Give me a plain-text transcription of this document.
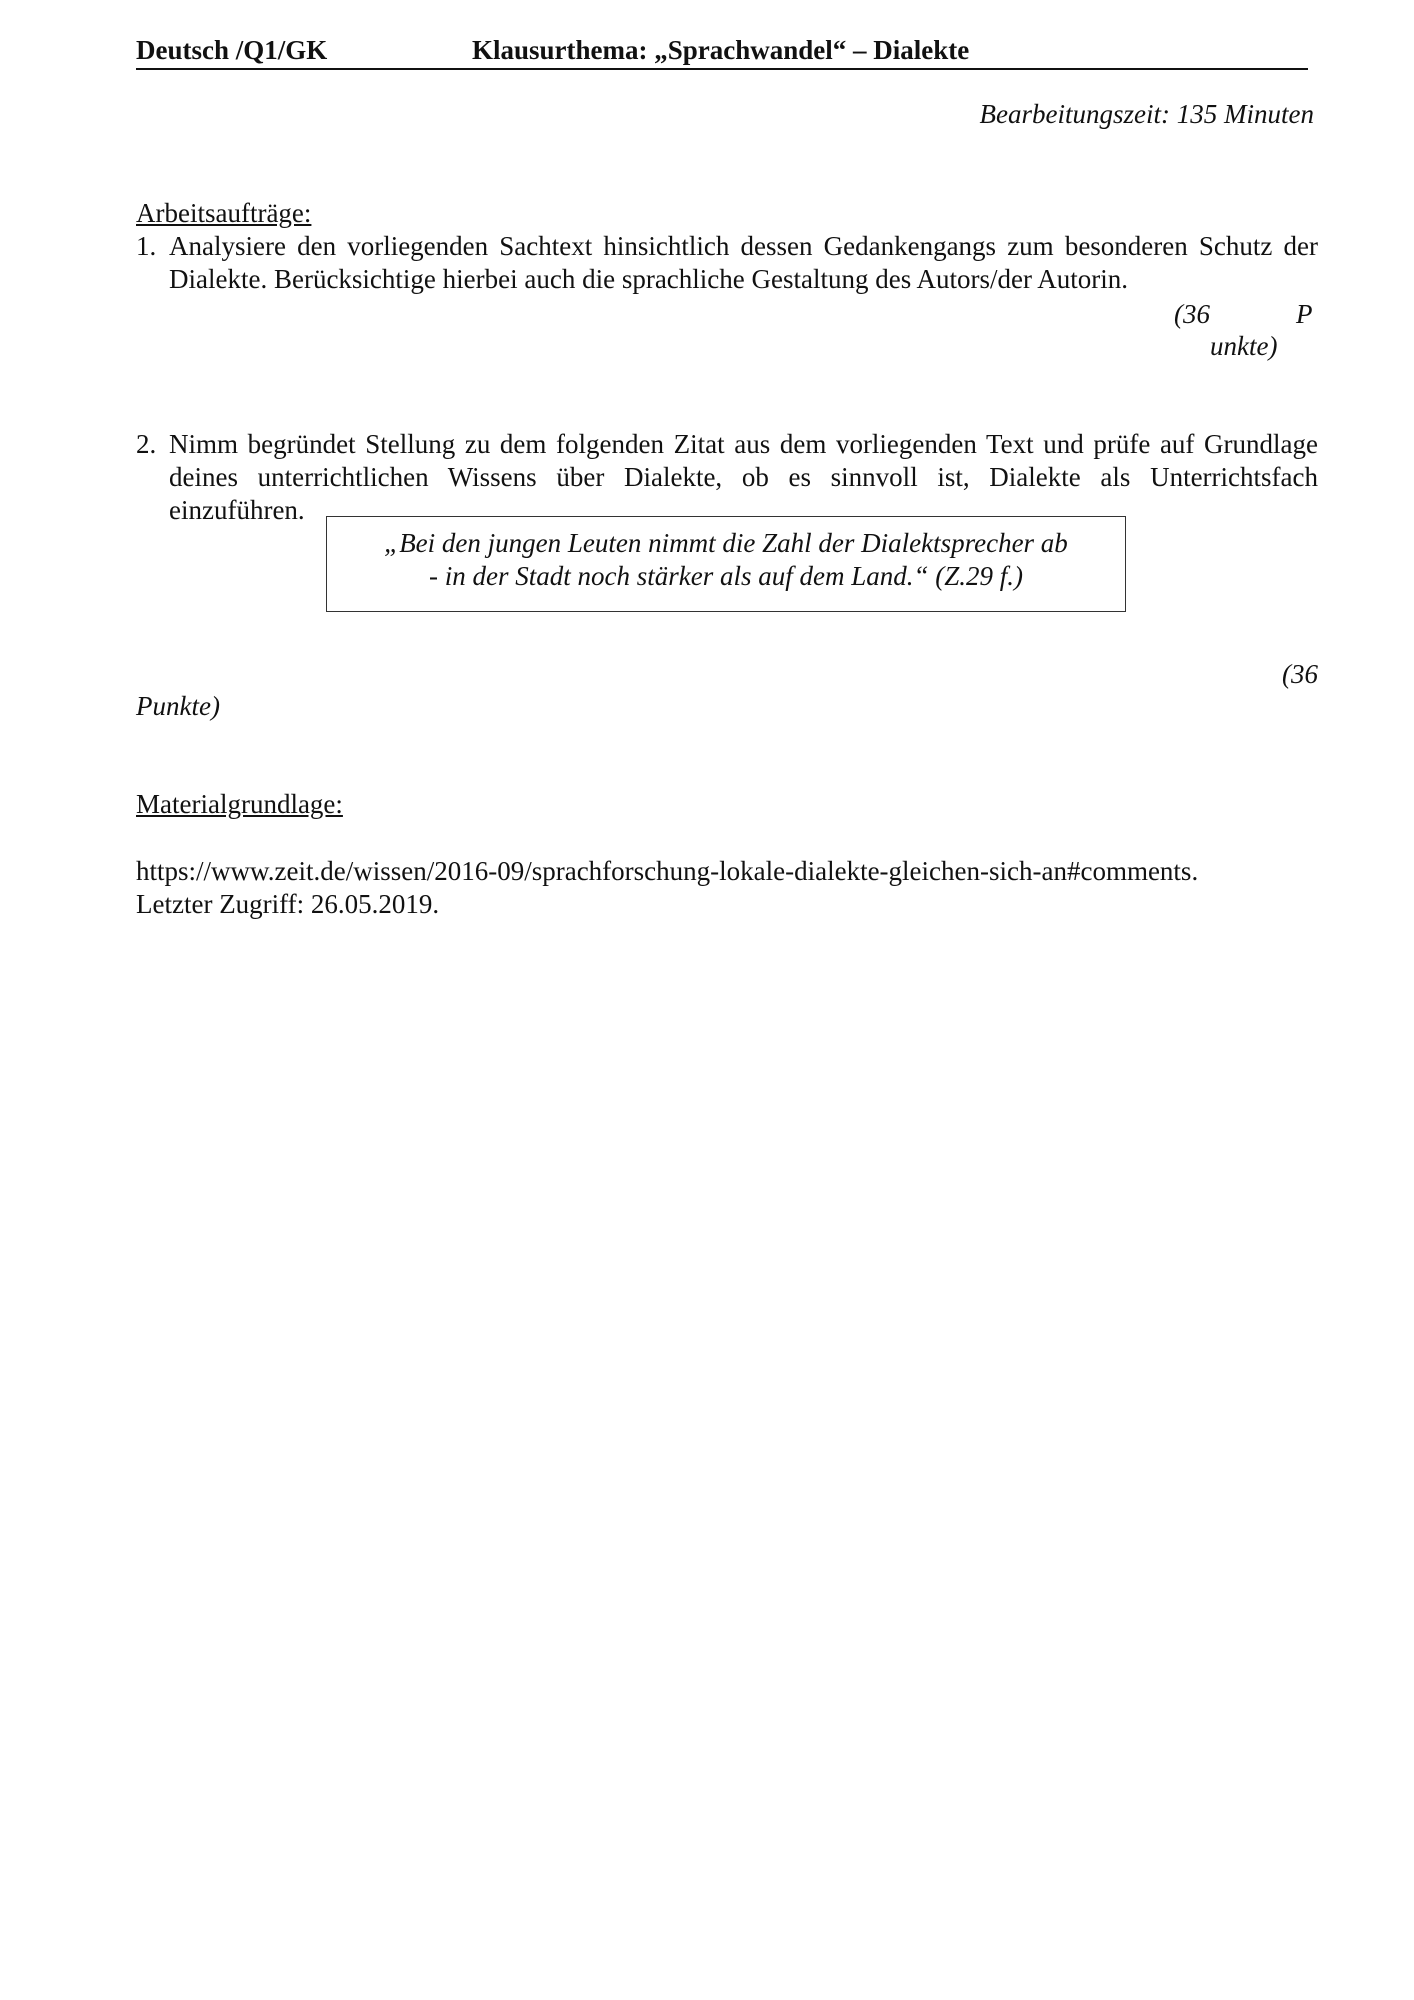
Deutsch /Q1/GK	Klausurthema: „Sprachwandel“ – Dialekte
Bearbeitungszeit: 135 Minuten
Arbeitsaufträge:
1. Analysiere den vorliegenden Sachtext hinsichtlich dessen Gedankengangs zum besonderen Schutz der Dialekte. Berücksichtige hierbei auch die sprachliche Gestaltung des Autors/der Autorin.
(36	P
unkte)
2. Nimm begründet Stellung zu dem folgenden Zitat aus dem vorliegenden Text und prüfe auf Grundlage deines unterrichtlichen Wissens über Dialekte, ob es sinnvoll ist, Dialekte als Unterrichtsfach einzuführen.
„Bei den jungen Leuten nimmt die Zahl der Dialektsprecher ab
- in der Stadt noch stärker als auf dem Land.“ (Z.29 f.)
(36
Punkte)
Materialgrundlage:
https://www.zeit.de/wissen/2016-09/sprachforschung-lokale-dialekte-gleichen-sich-an#comments.
Letzter Zugriff: 26.05.2019.
